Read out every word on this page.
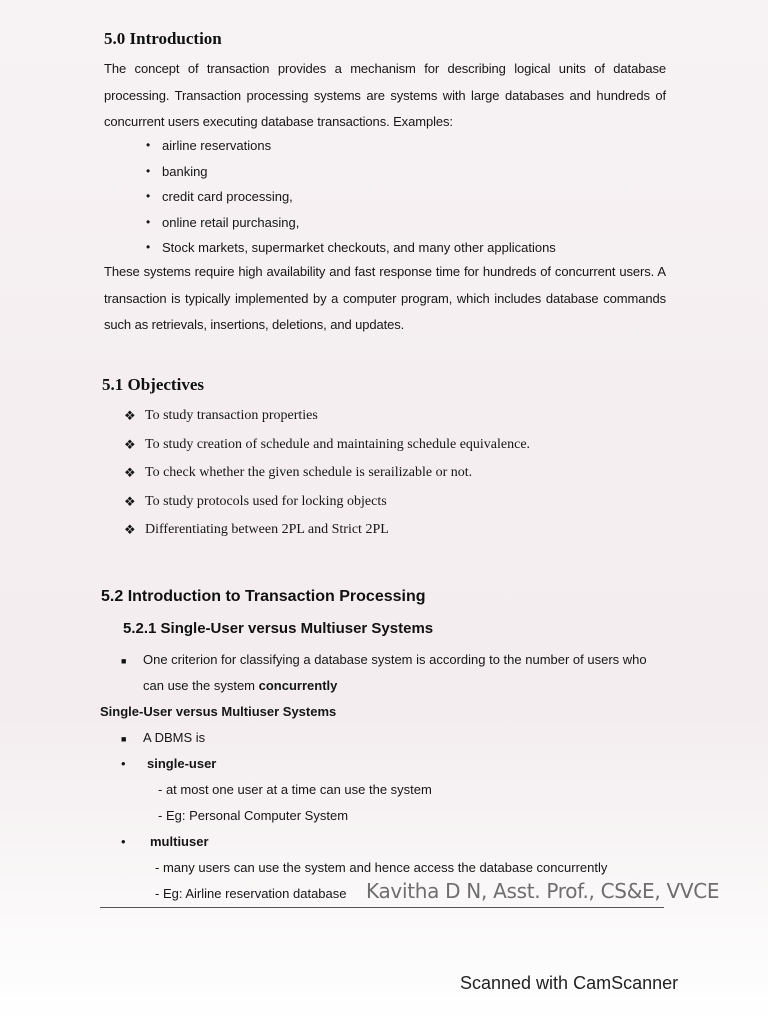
5.0 Introduction
The concept of transaction provides a mechanism for describing logical units of database processing. Transaction processing systems are systems with large databases and hundreds of concurrent users executing database transactions. Examples:
• airline reservations
• banking
• credit card processing,
• online retail purchasing,
• Stock markets, supermarket checkouts, and many other applications
These systems require high availability and fast response time for hundreds of concurrent users. A transaction is typically implemented by a computer program, which includes database commands such as retrievals, insertions, deletions, and updates.
5.1 Objectives
❖ To study transaction properties
❖ To study creation of schedule and maintaining schedule equivalence.
❖ To check whether the given schedule is serailizable or not.
❖ To study protocols used for locking objects
❖ Differentiating between 2PL and Strict 2PL
5.2 Introduction to Transaction Processing
5.2.1 Single-User versus Multiuser Systems
■ One criterion for classifying a database system is according to the number of users who
can use the system concurrently
Single-User versus Multiuser Systems
■ A DBMS is
• single-user
- at most one user at a time can use the system
- Eg: Personal Computer System
• multiuser
- many users can use the system and hence access the database concurrently
- Eg: Airline reservation database Kavitha D N, Asst. Prof., CS&E, VVCE
Scanned with CamScanner
